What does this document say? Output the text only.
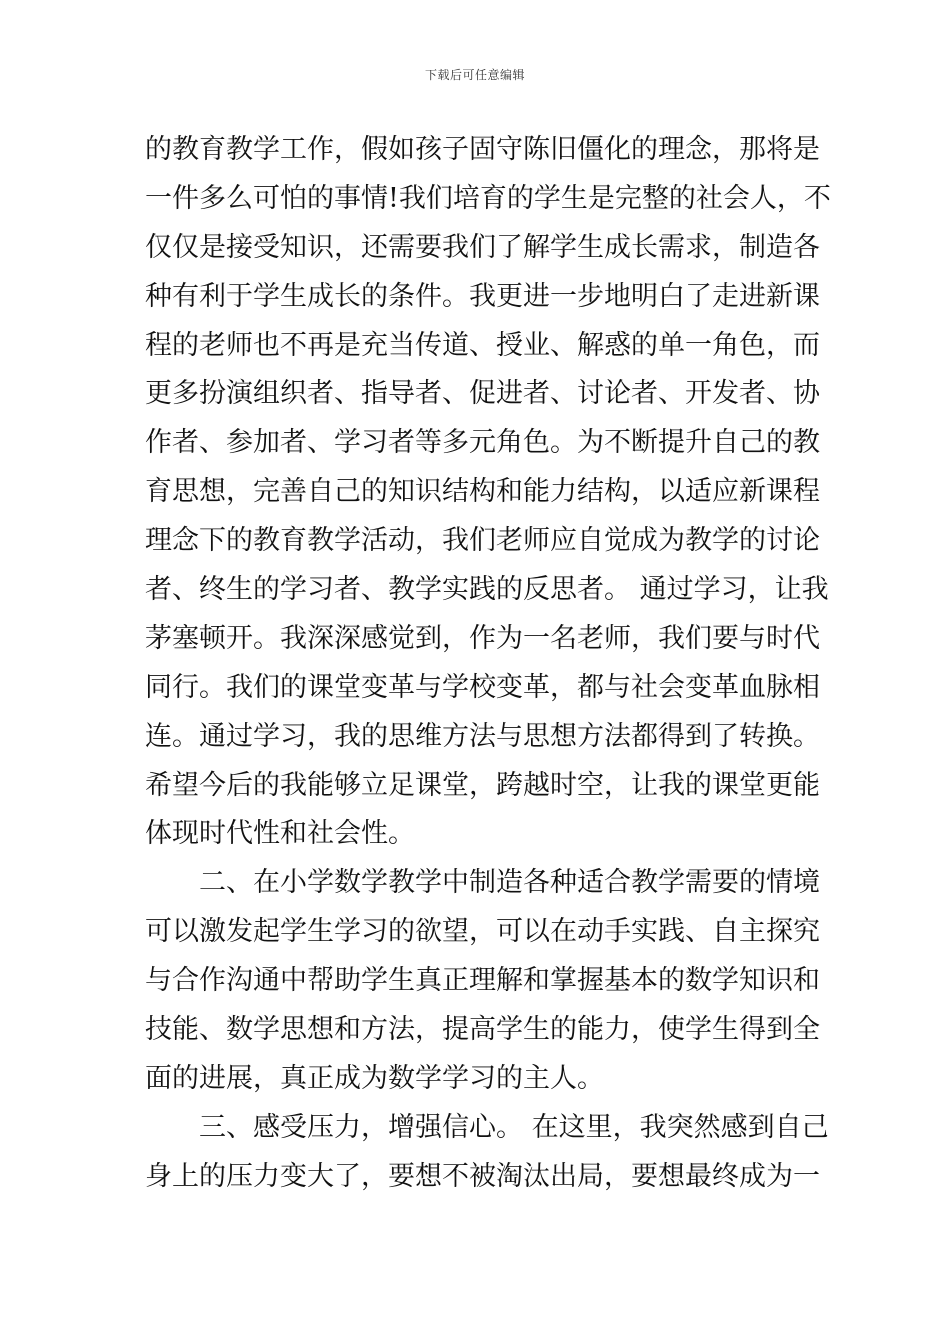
下载后可任意编辑
的教育教学工作，假如孩子固守陈旧僵化的理念，那将是
一件多么可怕的事情!我们培育的学生是完整的社会人，不
仅仅是接受知识，还需要我们了解学生成长需求，制造各
种有利于学生成长的条件。我更进一步地明白了走进新课
程的老师也不再是充当传道、授业、解惑的单一角色，而
更多扮演组织者、指导者、促进者、讨论者、开发者、协
作者、参加者、学习者等多元角色。为不断提升自己的教
育思想，完善自己的知识结构和能力结构，以适应新课程
理念下的教育教学活动，我们老师应自觉成为教学的讨论
者、终生的学习者、教学实践的反思者。 通过学习，让我
茅塞顿开。我深深感觉到，作为一名老师，我们要与时代
同行。我们的课堂变革与学校变革，都与社会变革血脉相
连。通过学习，我的思维方法与思想方法都得到了转换。
希望今后的我能够立足课堂，跨越时空，让我的课堂更能
体现时代性和社会性。
二、在小学数学教学中制造各种适合教学需要的情境
可以激发起学生学习的欲望，可以在动手实践、自主探究
与合作沟通中帮助学生真正理解和掌握基本的数学知识和
技能、数学思想和方法，提高学生的能力，使学生得到全
面的进展，真正成为数学学习的主人。
三、感受压力，增强信心。 在这里，我突然感到自己
身上的压力变大了，要想不被淘汰出局，要想最终成为一
